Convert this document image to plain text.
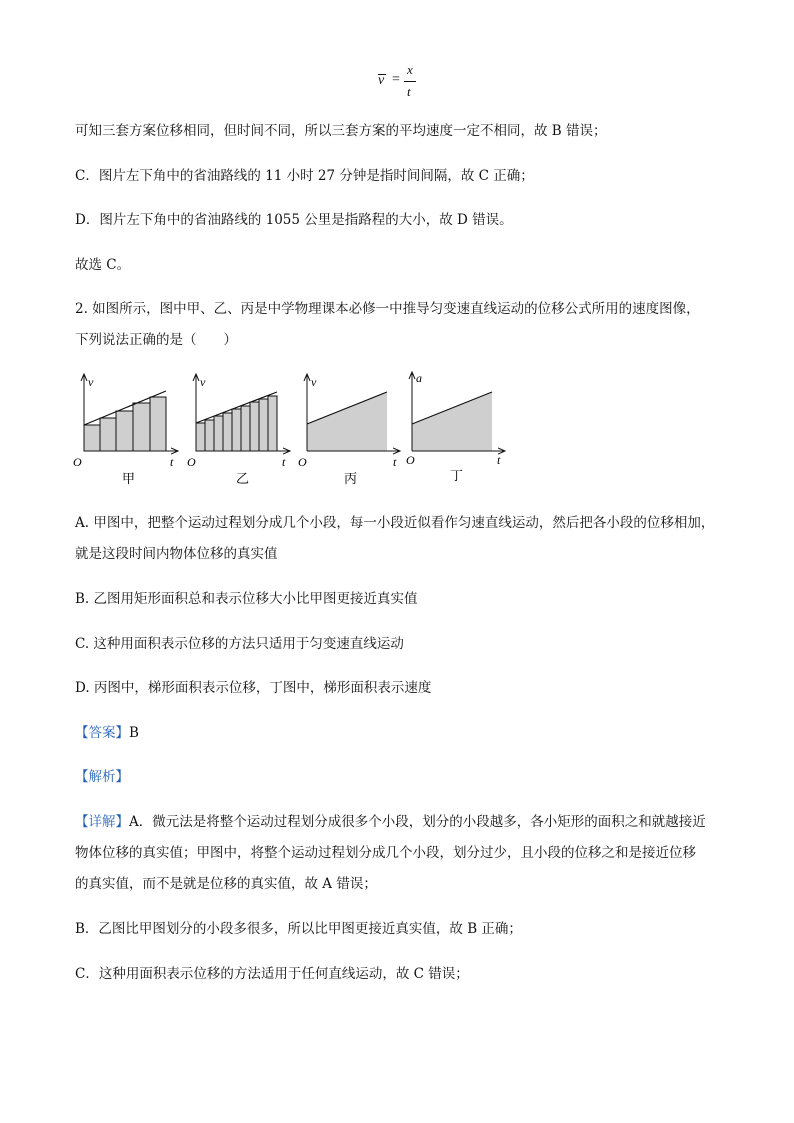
v =
x
t
可知三套方案位移相同，但时间不同，所以三套方案的平均速度一定不相同，故 B 错误；
C．图片左下角中的省油路线的 11 小时 27 分钟是指时间间隔，故 C 正确；
D．图片左下角中的省油路线的 1055 公里是指路程的大小，故 D 错误。
故选 C。
2. 如图所示，图中甲、乙、丙是中学物理课本必修一中推导匀变速直线运动的位移公式所用的速度图像，
下列说法正确的是（　　）
v
O	t
甲
v
O	t
乙
v
O	t
丙
a
O	t
丁
A. 甲图中，把整个运动过程划分成几个小段，每一小段近似看作匀速直线运动，然后把各小段的位移相加，
就是这段时间内物体位移的真实值
B. 乙图用矩形面积总和表示位移大小比甲图更接近真实值
C. 这种用面积表示位移的方法只适用于匀变速直线运动
D. 丙图中，梯形面积表示位移，丁图中，梯形面积表示速度
【答案】B
【解析】
【详解】A．微元法是将整个运动过程划分成很多个小段，划分的小段越多，各小矩形的面积之和就越接近
物体位移的真实值；甲图中，将整个运动过程划分成几个小段，划分过少，且小段的位移之和是接近位移
的真实值，而不是就是位移的真实值，故 A 错误；
B．乙图比甲图划分的小段多很多，所以比甲图更接近真实值，故 B 正确；
C．这种用面积表示位移的方法适用于任何直线运动，故 C 错误；
